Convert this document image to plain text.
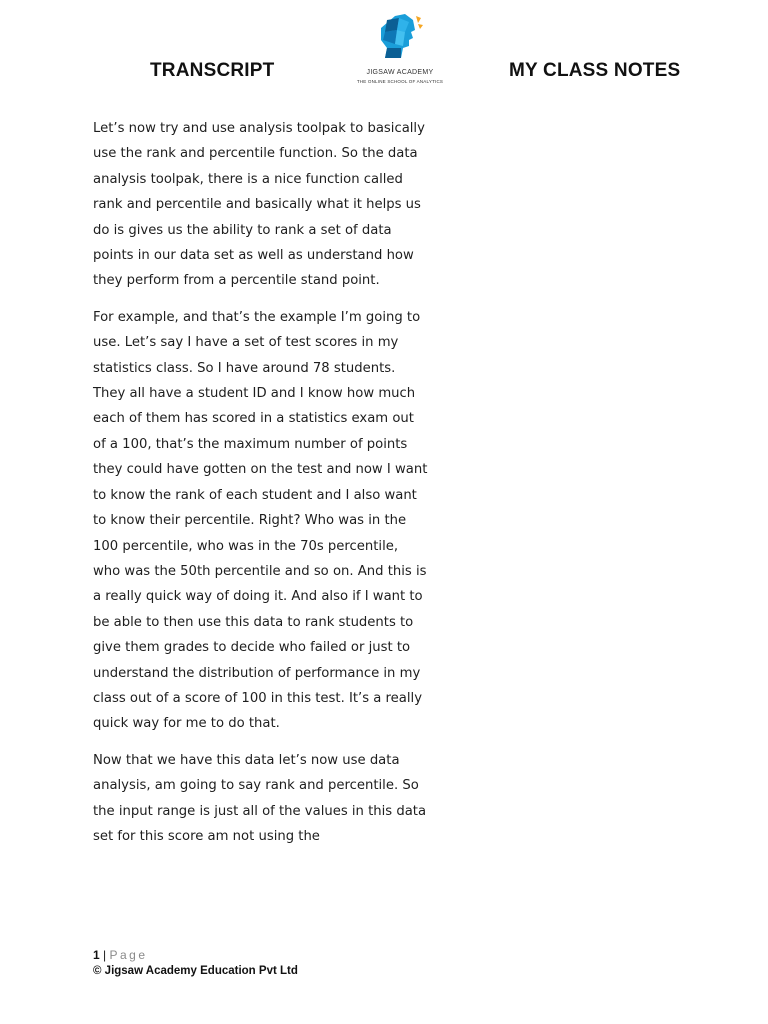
TRANSCRIPT	JIGSAW ACADEMY
THE ONLINE SCHOOL OF ANALYTICS
MY CLASS NOTES

Let’s now try and use analysis toolpak to basically use the rank and percentile function. So the data analysis toolpak, there is a nice function called rank and percentile and basically what it helps us do is gives us the ability to rank a set of data points in our data set as well as understand how they perform from a percentile stand point.

For example, and that’s the example I’m going to use. Let’s say I have a set of test scores in my statistics class. So I have around 78 students. They all have a student ID and I know how much each of them has scored in a statistics exam out of a 100, that’s the maximum number of points they could have gotten on the test and now I want to know the rank of each student and I also want to know their percentile. Right? Who was in the 100 percentile, who was in the 70s percentile, who was the 50th percentile and so on. And this is a really quick way of doing it. And also if I want to be able to then use this data to rank students to give them grades to decide who failed or just to understand the distribution of performance in my class out of a score of 100 in this test. It’s a really quick way for me to do that.

Now that we have this data let’s now use data analysis, am going to say rank and percentile. So the input range is just all of the values in this data set for this score am not using the

1 | Page
© Jigsaw Academy Education Pvt Ltd
